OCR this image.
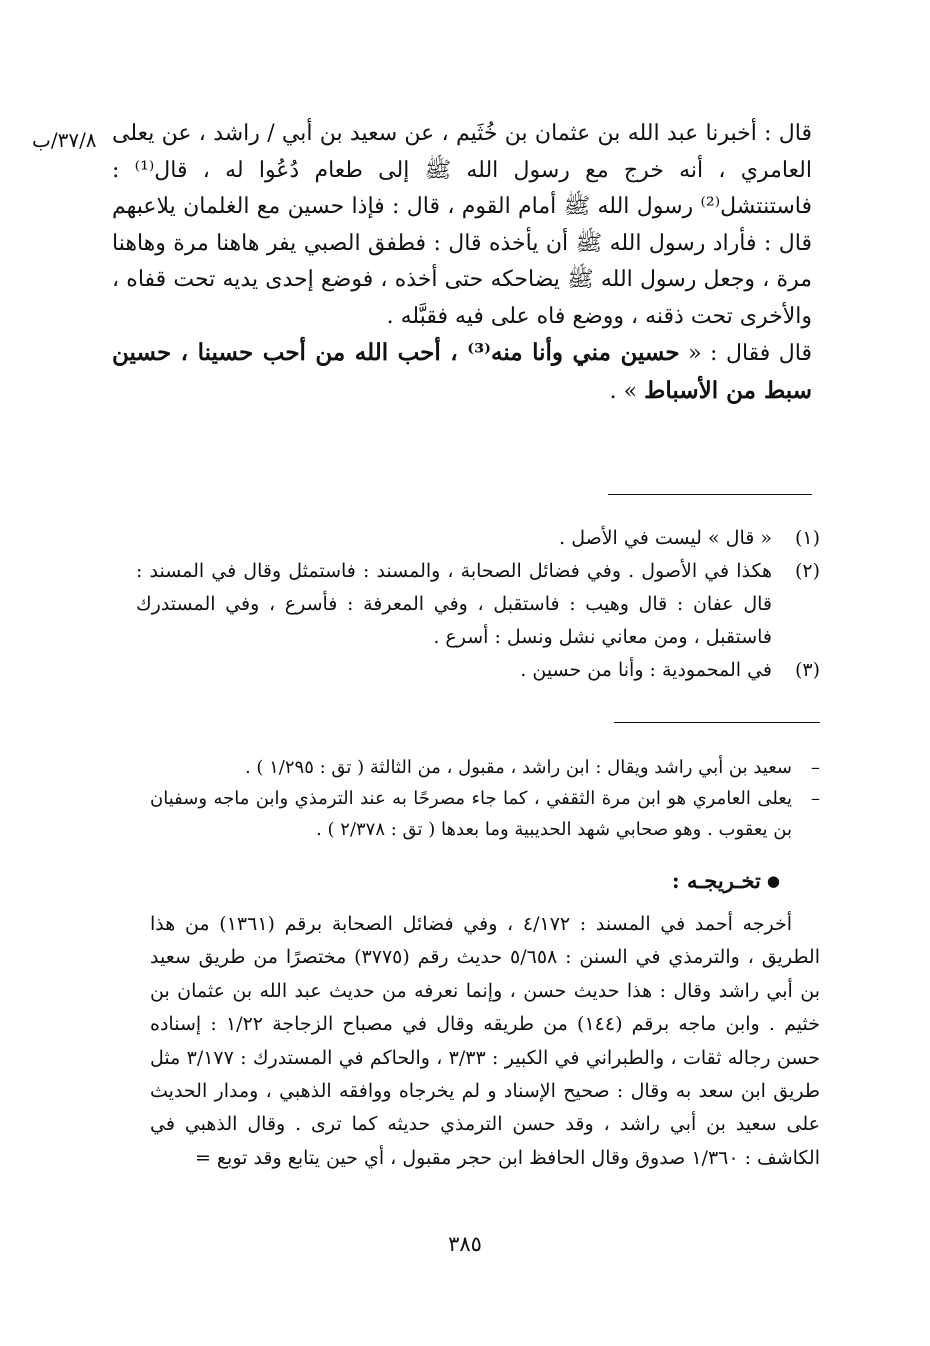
٣٧/٨/ب قال : أخبرنا عبد الله بن عثمان بن خُثَيم ، عن سعيد بن أبي / راشد ، عن يعلى العامري ، أنه خرج مع رسول الله ﷺ إلى طعام دُعُوا له ، قال⁽¹⁾ : فاستنتشل⁽²⁾ رسول الله ﷺ أمام القوم ، قال : فإذا حسين مع الغلمان يلاعبهم قال : فأراد رسول الله ﷺ أن يأخذه قال : فطفق الصبي يفر هاهنا مرة وهاهنا مرة ، وجعل رسول الله ﷺ يضاحكه حتى أخذه ، فوضع إحدى يديه تحت قفاه ، والأخرى تحت ذقنه ، ووضع فاه على فيه فقبَّله .

قال فقال : « حسين مني وأنا منه⁽³⁾ ، أحب الله من أحب حسينا ، حسين سبط من الأسباط » .

(١)
« قال » ليست في الأصل .
(٢)
هكذا في الأصول . وفي فضائل الصحابة ، والمسند : فاستمثل وقال في المسند : قال عفان : قال وهيب : فاستقبل ، وفي المعرفة : فأسرع ، وفي المستدرك فاستقبل ، ومن معاني نشل ونسل : أسرع .
(٣)
في المحمودية : وأنا من حسين .
–
سعيد بن أبي راشد ويقال : ابن راشد ، مقبول ، من الثالثة ( تق : ١/٢٩٥ ) .
–
يعلى العامري هو ابن مرة الثقفي ، كما جاء مصرحًا به عند الترمذي وابن ماجه وسفيان بن يعقوب . وهو صحابي شهد الحديبية وما بعدها ( تق : ٢/٣٧٨ ) .
●تخـريجـه :

أخرجه أحمد في المسند : ٤/١٧٢ ، وفي فضائل الصحابة برقم (١٣٦١) من هذا الطريق ، والترمذي في السنن : ٥/٦٥٨ حديث رقم (٣٧٧٥) مختصرًا من طريق سعيد بن أبي راشد وقال : هذا حديث حسن ، وإنما نعرفه من حديث عبد الله بن عثمان بن خثيم . وابن ماجه برقم (١٤٤) من طريقه وقال في مصباح الزجاجة ١/٢٢ : إسناده حسن رجاله ثقات ، والطبراني في الكبير : ٣/٣٣ ، والحاكم في المستدرك : ٣/١٧٧ مثل طريق ابن سعد به وقال : صحيح الإسناد و لم يخرجاه ووافقه الذهبي ، ومدار الحديث على سعيد بن أبي راشد ، وقد حسن الترمذي حديثه كما ترى . وقال الذهبي في الكاشف : ١/٣٦٠ صدوق وقال الحافظ ابن حجر مقبول ، أي حين يتابع وقد توبع =

٣٨٥
